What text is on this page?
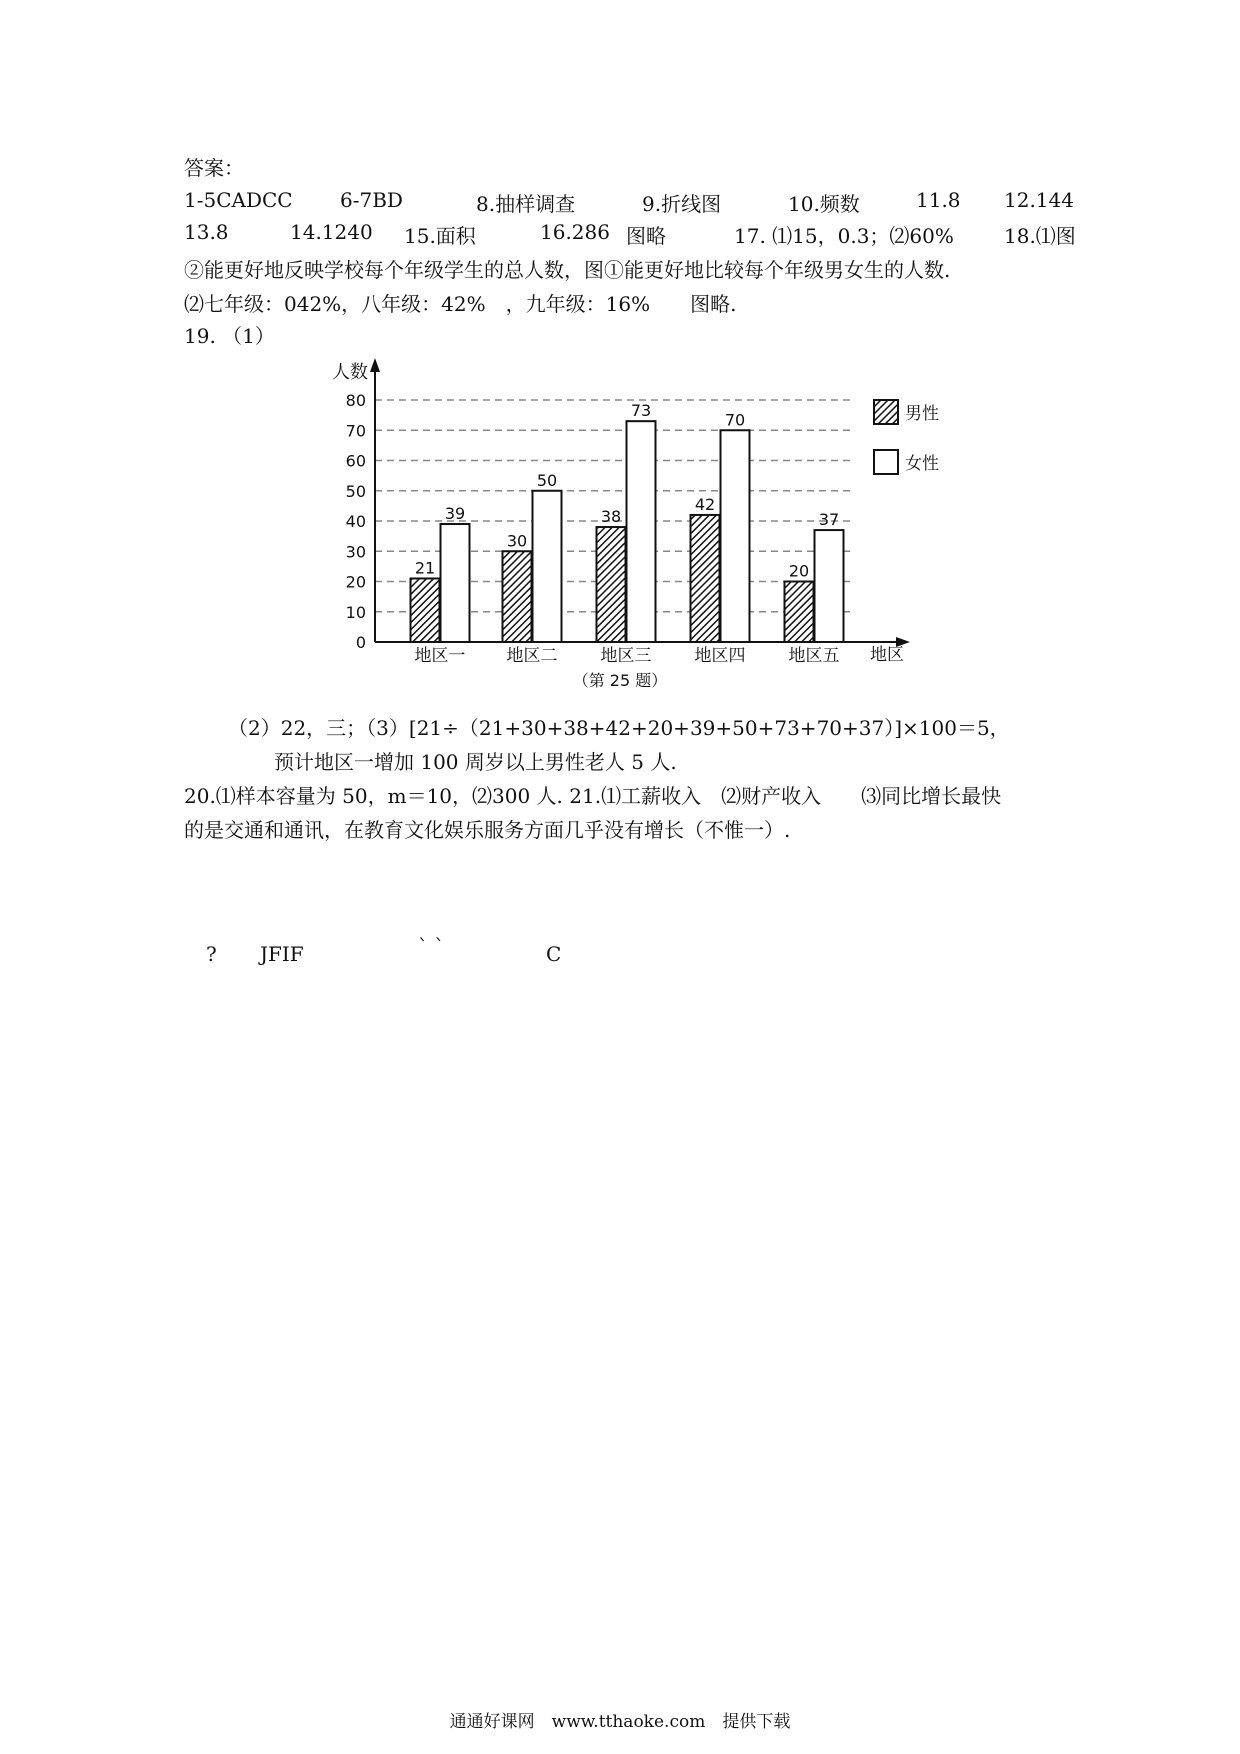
答案：
1-5CADCC 6-7BD	8.抽样调查	9.折线图	10.频数	11.8 12.144
13.8	14.1240 15.面积	16.286 图略	17. ⑴15，0.3；⑵60%	18.⑴图
②能更好地反映学校每个年级学生的总人数，图①能更好地比较每个年级男女生的人数.
⑵七年级：042%，八年级：42%　，九年级：16%　　图略.
19. （1）
0
10
20
30
40
50
60
70
80
21
39
地区一
30
50
地区二
38
73
地区三
42
70
地区四
20
37
地区五
人数
地区
（第 25 题）
男性
女性
（2）22，三；（3）[21÷（21+30+38+42+20+39+50+73+70+37）]×100＝5，
预计地区一增加 100 周岁以上男性老人 5 人.
20.⑴样本容量为 50，m＝10，⑵300 人. 21.⑴工薪收入　⑵财产收入　　⑶同比增长最快
的是交通和通讯，在教育文化娱乐服务方面几乎没有增长（不惟一）.
? JFIF	` `	C
通通好课网　www.tthaoke.com　提供下载
